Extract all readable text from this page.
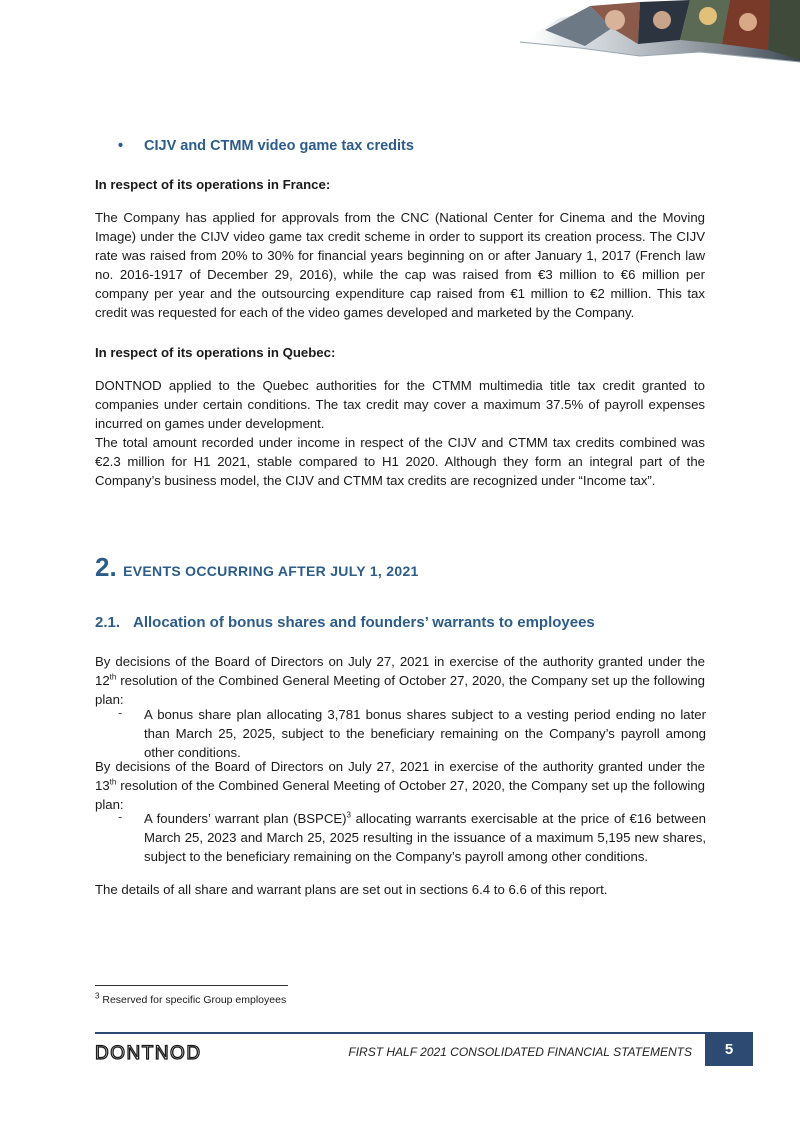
• CIJV and CTMM video game tax credits

In respect of its operations in France:

The Company has applied for approvals from the CNC (National Center for Cinema and the Moving Image) under the CIJV video game tax credit scheme in order to support its creation process. The CIJV rate was raised from 20% to 30% for financial years beginning on or after January 1, 2017 (French law no. 2016-1917 of December 29, 2016), while the cap was raised from €3 million to €6 million per company per year and the outsourcing expenditure cap raised from €1 million to €2 million. This tax credit was requested for each of the video games developed and marketed by the Company.

In respect of its operations in Quebec:

DONTNOD applied to the Quebec authorities for the CTMM multimedia title tax credit granted to companies under certain conditions. The tax credit may cover a maximum 37.5% of payroll expenses incurred on games under development.

The total amount recorded under income in respect of the CIJV and CTMM tax credits combined was €2.3 million for H1 2021, stable compared to H1 2020. Although they form an integral part of the Company’s business model, the CIJV and CTMM tax credits are recognized under “Income tax”.

2. EVENTS OCCURRING AFTER JULY 1, 2021
2.1. Allocation of bonus shares and founders’ warrants to employees

By decisions of the Board of Directors on July 27, 2021 in exercise of the authority granted under the 12th resolution of the Combined General Meeting of October 27, 2020, the Company set up the following plan:

- A bonus share plan allocating 3,781 bonus shares subject to a vesting period ending no later than March 25, 2025, subject to the beneficiary remaining on the Company’s payroll among other conditions.

By decisions of the Board of Directors on July 27, 2021 in exercise of the authority granted under the 13th resolution of the Combined General Meeting of October 27, 2020, the Company set up the following plan:

- A founders’ warrant plan (BSPCE)$^3$ allocating warrants exercisable at the price of €16 between March 25, 2023 and March 25, 2025 resulting in the issuance of a maximum 5,195 new shares, subject to the beneficiary remaining on the Company’s payroll among other conditions.

The details of all share and warrant plans are set out in sections 6.4 to 6.6 of this report.

$^3$ Reserved for specific Group employees
DONTNOD	FIRST HALF 2021 CONSOLIDATED FINANCIAL STATEMENTS 5
